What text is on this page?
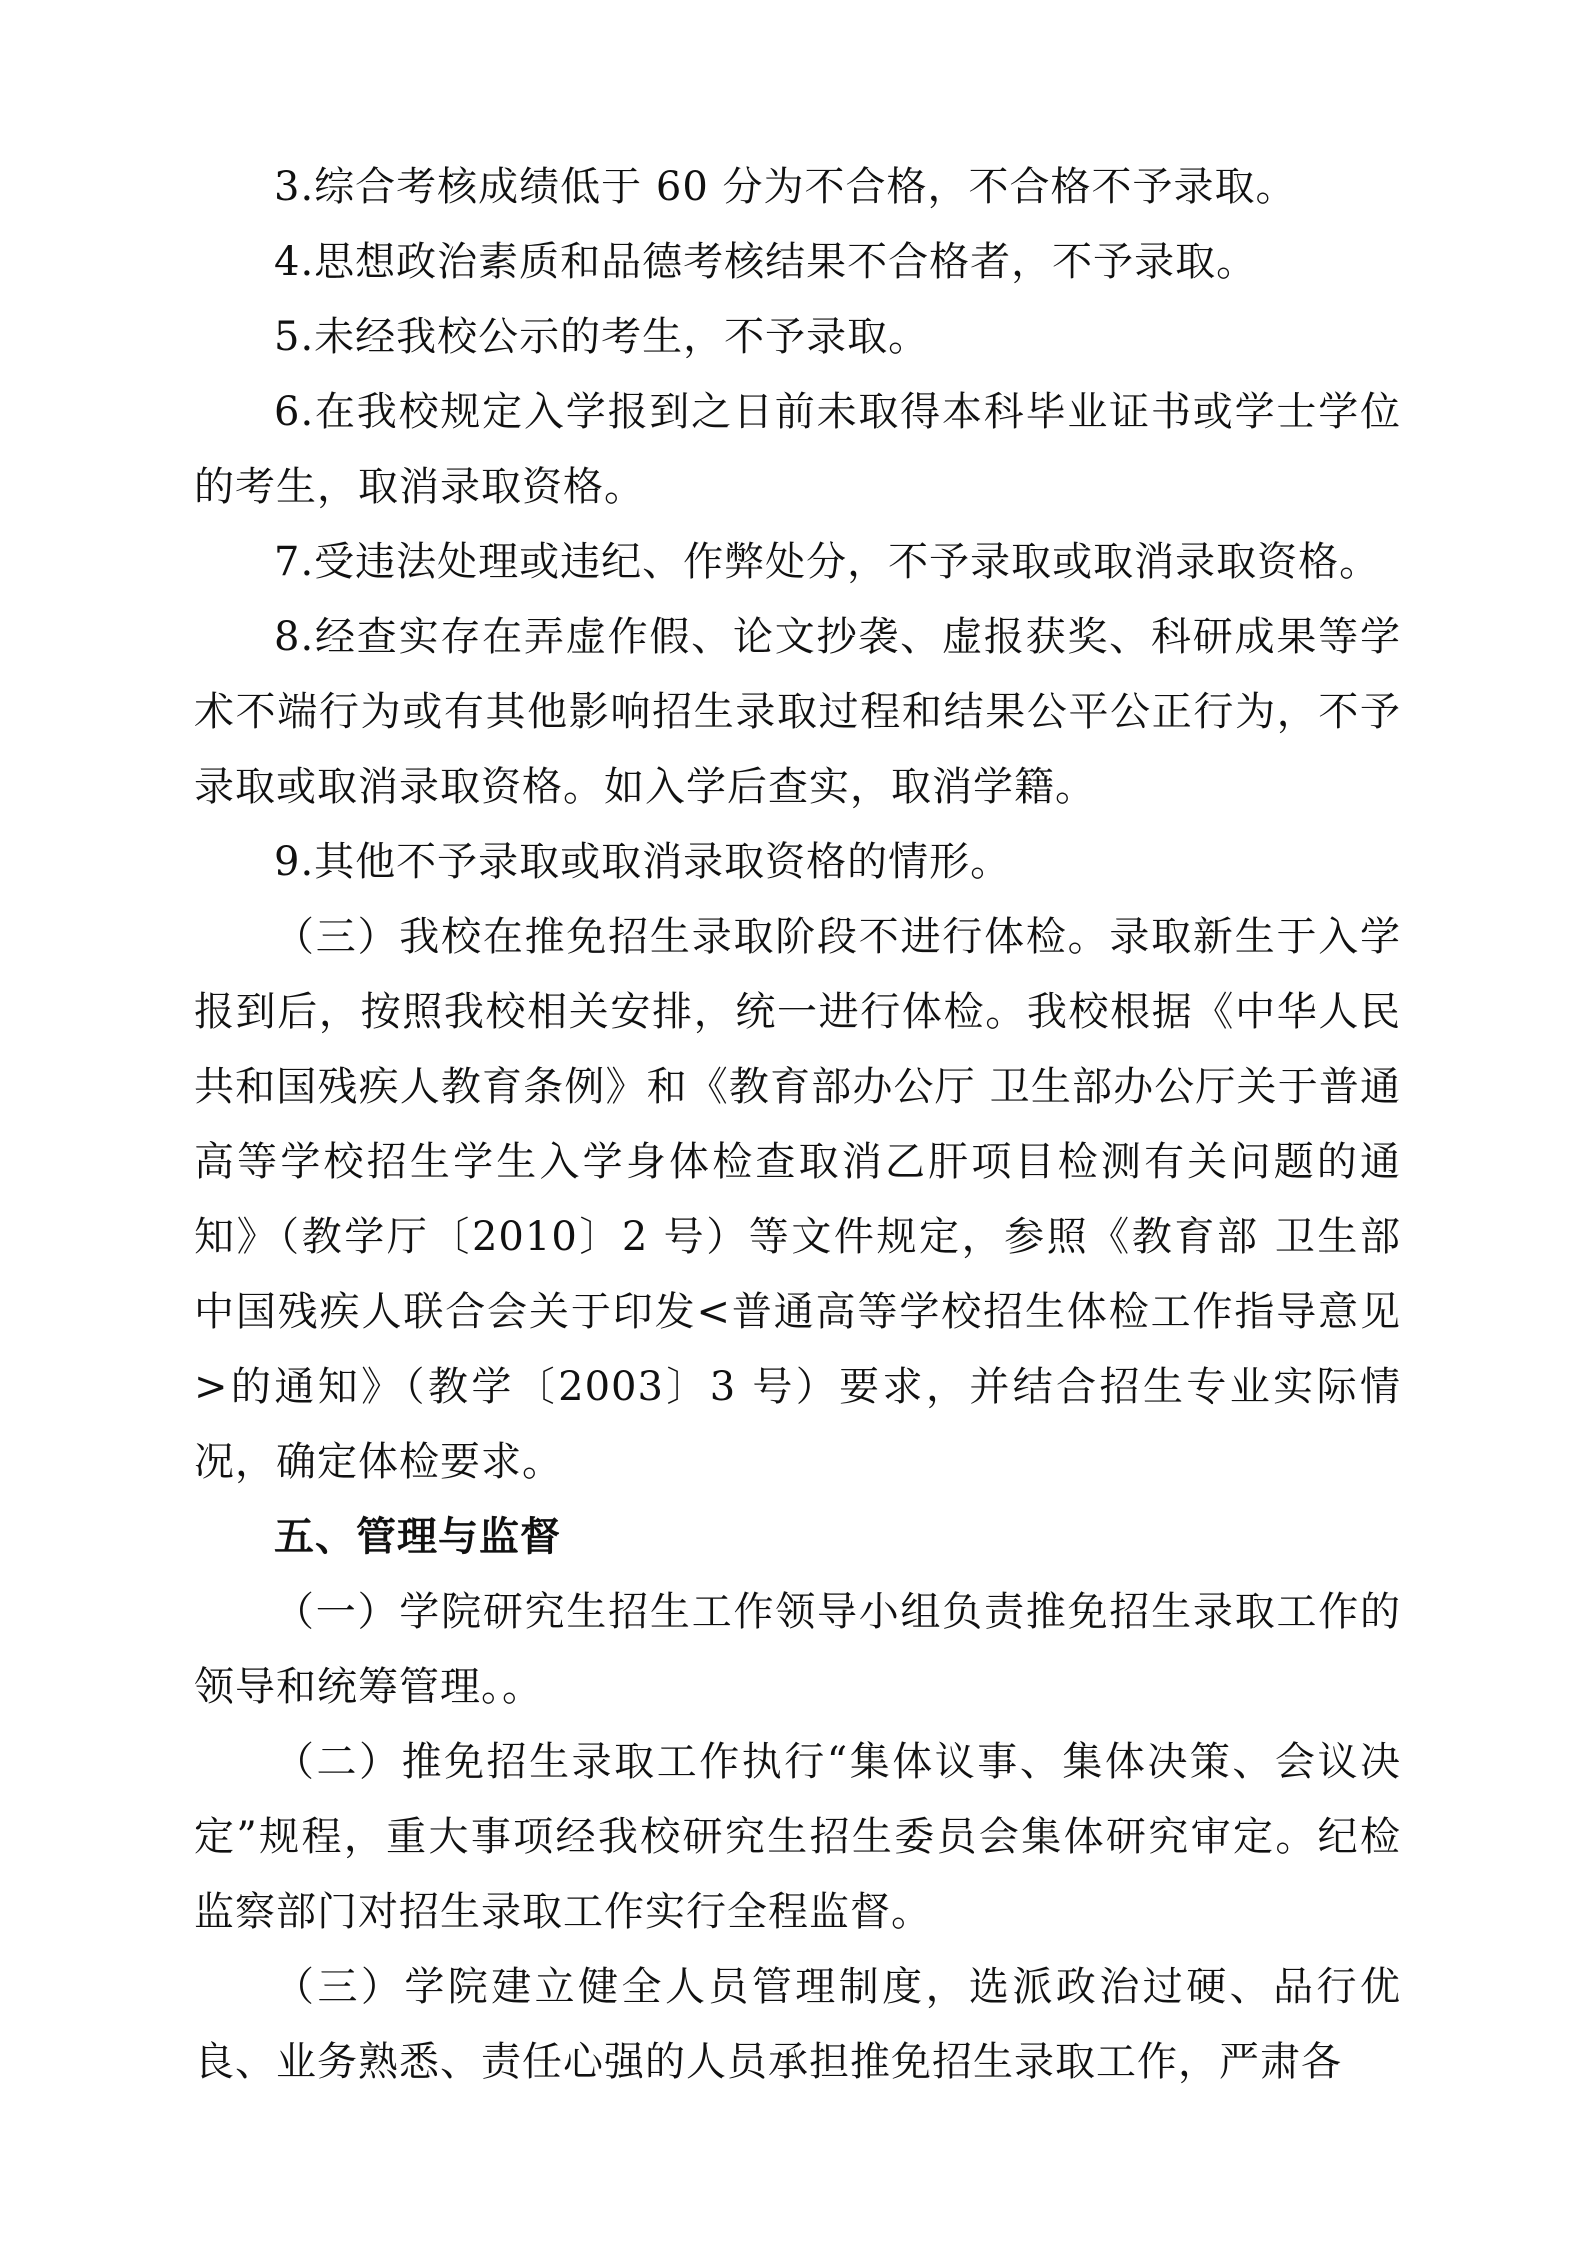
3.综合考核成绩低于 60 分为不合格，不合格不予录取。

4.思想政治素质和品德考核结果不合格者，不予录取。

5.未经我校公示的考生，不予录取。

6.在我校规定入学报到之日前未取得本科毕业证书或学士学位的考生，取消录取资格。

7.受违法处理或违纪、作弊处分，不予录取或取消录取资格。

8.经查实存在弄虚作假、论文抄袭、虚报获奖、科研成果等学术不端行为或有其他影响招生录取过程和结果公平公正行为，不予录取或取消录取资格。如入学后查实，取消学籍。

9.其他不予录取或取消录取资格的情形。

（三）我校在推免招生录取阶段不进行体检。录取新生于入学报到后，按照我校相关安排，统一进行体检。我校根据《中华人民共和国残疾人教育条例》和《教育部办公厅 卫生部办公厅关于普通高等学校招生学生入学身体检查取消乙肝项目检测有关问题的通知》（教学厅〔2010〕2 号）等文件规定，参照《教育部 卫生部 中国残疾人联合会关于印发<普通高等学校招生体检工作指导意见>的通知》（教学〔2003〕3 号）要求，并结合招生专业实际情况，确定体检要求。

五、管理与监督

（一）学院研究生招生工作领导小组负责推免招生录取工作的领导和统筹管理。。

（二）推免招生录取工作执行“集体议事、集体决策、会议决定”规程，重大事项经我校研究生招生委员会集体研究审定。纪检监察部门对招生录取工作实行全程监督。

（三）学院建立健全人员管理制度，选派政治过硬、品行优良、业务熟悉、责任心强的人员承担推免招生录取工作，严肃各
